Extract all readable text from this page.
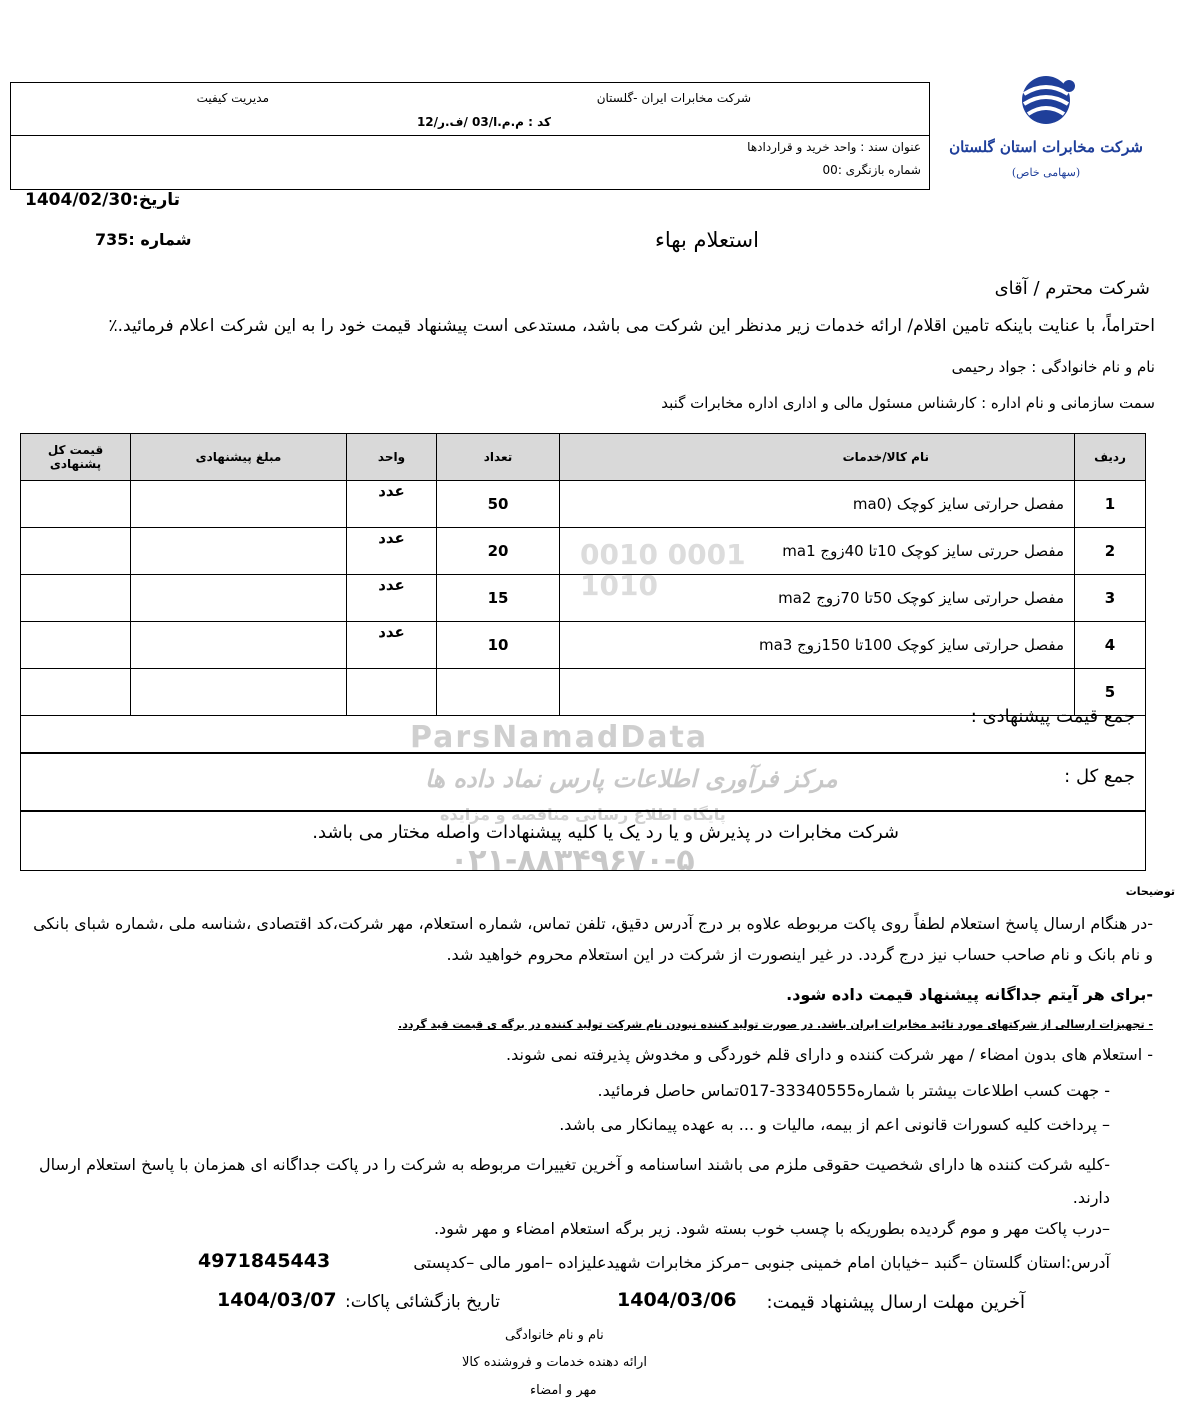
شرکت مخابرات ایران -گلستان
مدیریت کیفیت
کد : م.م.ا/03 /ف.ر/12
عنوان سند : واحد خرید و قراردادها
شماره بازنگری :00
شرکت مخابرات استان گلستان
(سهامی خاص)
تاریخ:1404/02/30
شماره :735	استعلام بهاء
شرکت محترم / آقای
احتراماً، با عنایت باینکه تامین اقلام/ ارائه خدمات زیر مدنظر این شرکت می باشد، مستدعی است پیشنهاد قیمت خود را به این شرکت اعلام فرمائید.٪
نام و نام خانوادگی : جواد رحیمی
سمت سازمانی و نام اداره : کارشناس مسئول مالی و اداری اداره مخابرات گنبد
ParsNamadData
0010 0001 1010
مرکز فرآوری اطلاعات پارس نماد داده ها
پایگاه اطلاع رسانی مناقصه و مزایده
۰۲۱-۸۸۳۴۹۶۷۰-۵
ردیف	نام کالا/خدمات	تعداد	واحد	مبلغ پیشنهادی	قیمت کل پشنهادی
1	مفصل حرارتی سایز کوچک (ma0	50	عدد		
2	مفصل حررتی سایز کوچک 10تا 40زوج ma1	20	عدد		
3	مفصل حرارتی سایز کوچک 50تا 70زوج ma2	15	عدد		
4	مفصل حرارتی سایز کوچک 100تا 150زوج ma3	10	عدد		
5					
جمع قیمت پیشنهادی :
جمع کل :
شرکت مخابرات در پذیرش و یا رد یک یا کلیه پیشنهادات واصله مختار می باشد.
توضیحات
-در هنگام ارسال پاسخ استعلام لطفاً روی پاکت مربوطه علاوه بر درج آدرس دقیق، تلفن تماس، شماره استعلام، مهر شرکت،کد اقتصادی ،شناسه ملی ،شماره شبای بانکی و نام بانک و نام صاحب حساب نیز درج گردد. در غیر اینصورت از شرکت در این استعلام محروم خواهید شد.
-برای هر آیتم جداگانه پیشنهاد قیمت داده شود.
- تجهیزات ارسالی از شرکتهای مورد تائید مخابرات ایران باشد. در صورت تولید کننده نبودن نام شرکت تولید کننده در برگه ی قیمت قید گردد.
- استعلام های بدون امضاء / مهر شرکت کننده و دارای قلم خوردگی و مخدوش پذیرفته نمی شوند.
- جهت کسب اطلاعات بیشتر با شماره33340555-017تماس حاصل فرمائید.
– پرداخت کلیه کسورات قانونی اعم از بیمه، مالیات و ... به عهده پیمانکار می باشد.
-کلیه شرکت کننده ها دارای شخصیت حقوقی ملزم می باشند اساسنامه و آخرین تغییرات مربوطه به شرکت را در پاکت جداگانه ای همزمان با پاسخ استعلام ارسال دارند.
–درب پاکت مهر و موم گردیده بطوریکه با چسب خوب بسته شود. زیر برگه استعلام امضاء و مهر شود.
آدرس:استان گلستان –گنبد –خیابان امام خمینی جنوبی –مرکز مخابرات شهیدعلیزاده –امور مالی –کدپستی
4971845443
آخرین مهلت ارسال پیشنهاد قیمت:
1404/03/06
تاریخ بازگشائی پاکات:
1404/03/07
نام و نام خانوادگی
ارائه دهنده خدمات و فروشنده کالا
مهر و امضاء
